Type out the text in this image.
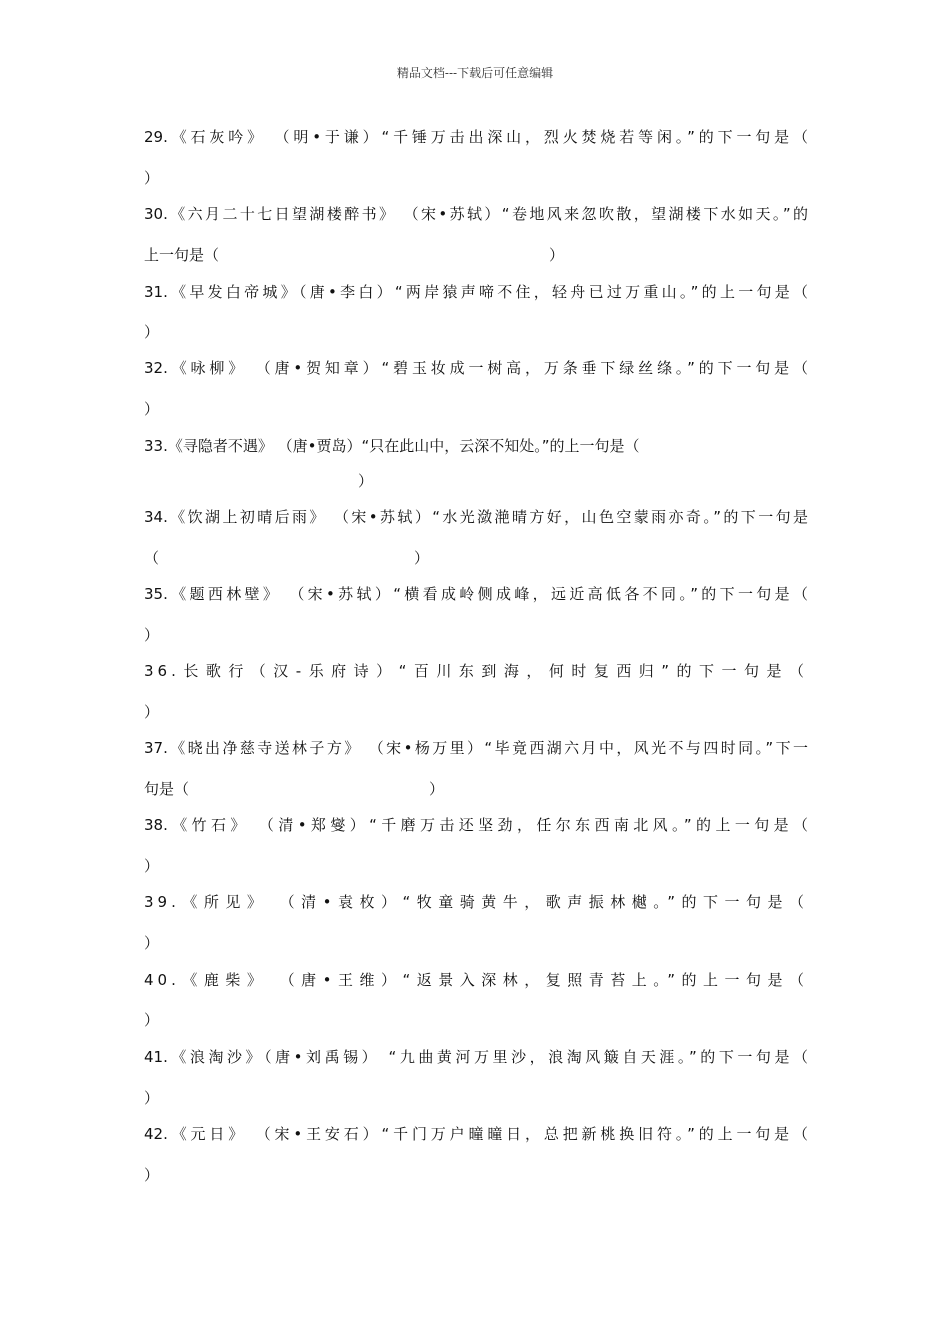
精品文档---下载后可任意编辑
29.《石灰吟》 （明•于谦）“千锤万击出深山，烈火焚烧若等闲。”的下一句是（
）
30.《六月二十七日望湖楼醉书》 （宋•苏轼）“卷地风来忽吹散，望湖楼下水如天。”的
上一句是（　　　　　　　　　　　　　　　　　　　　　　）
31.《早发白帝城》（唐•李白）“两岸猿声啼不住，轻舟已过万重山。”的上一句是（
）
32.《咏柳》 （唐•贺知章）“碧玉妆成一树高，万条垂下绿丝绦。”的下一句是（
）
33.《寻隐者不遇》 （唐•贾岛）“只在此山中，云深不知处。”的上一句是（
）
34.《饮湖上初晴后雨》 （宋•苏轼）“水光潋滟晴方好，山色空蒙雨亦奇。”的下一句是
（　　　　　　　　　　　　　　　　　）
35.《题西林壁》 （宋•苏轼）“横看成岭侧成峰，远近高低各不同。”的下一句是（
）
36.长歌行（汉-乐府诗）“百川东到海，何时复西归”的下一句是（
）
37.《晓出净慈寺送林子方》 （宋•杨万里）“毕竟西湖六月中，风光不与四时同。”下一
句是（　　　　　　　　　　　　　　　　）
38.《竹石》 （清•郑燮）“千磨万击还坚劲，任尔东西南北风。”的上一句是（
）
39.《所见》 （清•袁枚）“牧童骑黄牛，歌声振林樾。”的下一句是（
）
40.《鹿柴》 （唐•王维）“返景入深林，复照青苔上。”的上一句是（
）
41.《浪淘沙》（唐•刘禹锡） “九曲黄河万里沙，浪淘风簸自天涯。”的下一句是（
）
42.《元日》 （宋•王安石）“千门万户曈曈日，总把新桃换旧符。”的上一句是（
）
